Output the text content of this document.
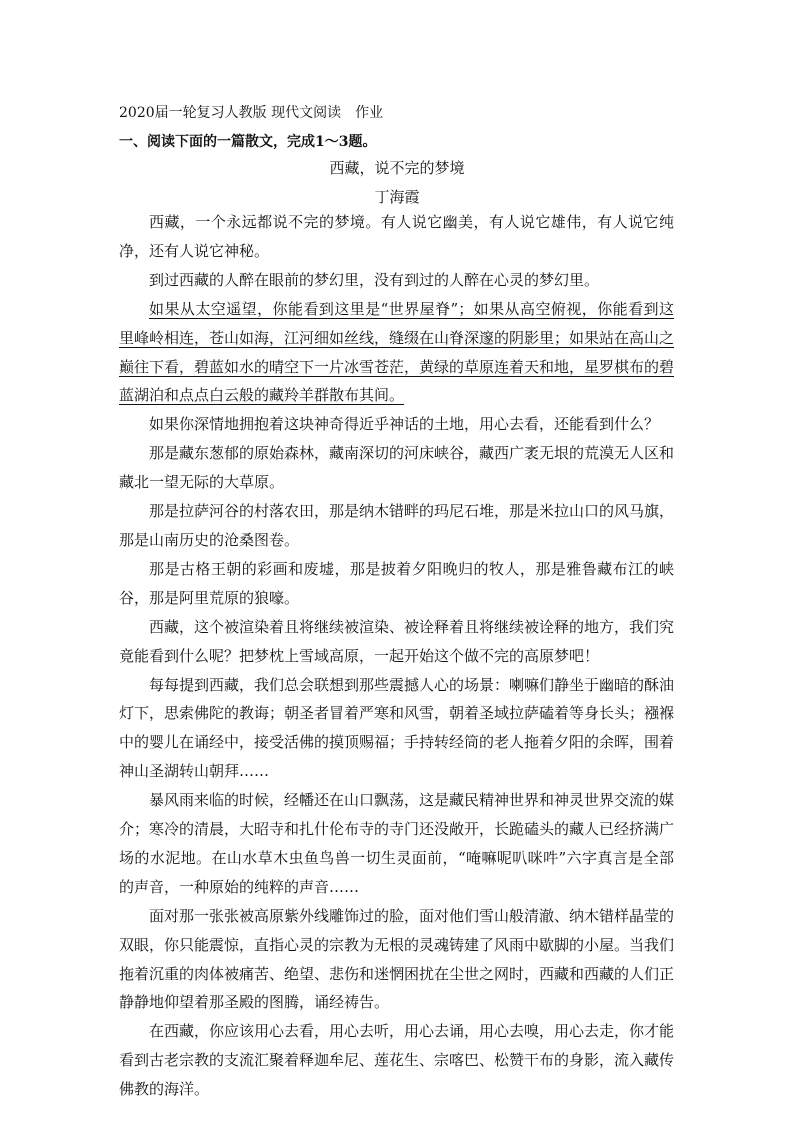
2020届一轮复习人教版 现代文阅读　作业
一、阅读下面的一篇散文，完成1～3题。
西藏，说不完的梦境
丁海霞

西藏，一个永远都说不完的梦境。有人说它幽美，有人说它雄伟，有人说它纯净，还有人说它神秘。

到过西藏的人醉在眼前的梦幻里，没有到过的人醉在心灵的梦幻里。

如果从太空遥望，你能看到这里是“世界屋脊”；如果从高空俯视，你能看到这里峰岭相连，苍山如海，江河细如丝线，缝缀在山脊深邃的阴影里；如果站在高山之巅往下看，碧蓝如水的晴空下一片冰雪苍茫，黄绿的草原连着天和地，星罗棋布的碧蓝湖泊和点点白云般的藏羚羊群散布其间。

如果你深情地拥抱着这块神奇得近乎神话的土地，用心去看，还能看到什么？

那是藏东葱郁的原始森林，藏南深切的河床峡谷，藏西广袤无垠的荒漠无人区和藏北一望无际的大草原。

那是拉萨河谷的村落农田，那是纳木错畔的玛尼石堆，那是米拉山口的风马旗，那是山南历史的沧桑图卷。

那是古格王朝的彩画和废墟，那是披着夕阳晚归的牧人，那是雅鲁藏布江的峡谷，那是阿里荒原的狼嚎。

西藏，这个被渲染着且将继续被渲染、被诠释着且将继续被诠释的地方，我们究竟能看到什么呢？把梦枕上雪域高原，一起开始这个做不完的高原梦吧！

每每提到西藏，我们总会联想到那些震撼人心的场景：喇嘛们静坐于幽暗的酥油灯下，思索佛陀的教诲；朝圣者冒着严寒和风雪，朝着圣域拉萨磕着等身长头；襁褓中的婴儿在诵经中，接受活佛的摸顶赐福；手持转经筒的老人拖着夕阳的余晖，围着神山圣湖转山朝拜……

暴风雨来临的时候，经幡还在山口飘荡，这是藏民精神世界和神灵世界交流的媒介；寒冷的清晨，大昭寺和扎什伦布寺的寺门还没敞开，长跪磕头的藏人已经挤满广场的水泥地。在山水草木虫鱼鸟兽一切生灵面前，“唵嘛呢叭咪吽”六字真言是全部的声音，一种原始的纯粹的声音……

面对那一张张被高原紫外线雕饰过的脸，面对他们雪山般清澈、纳木错样晶莹的双眼，你只能震惊，直指心灵的宗教为无根的灵魂铸建了风雨中歇脚的小屋。当我们拖着沉重的肉体被痛苦、绝望、悲伤和迷惘困扰在尘世之网时，西藏和西藏的人们正静静地仰望着那圣殿的图腾，诵经祷告。

在西藏，你应该用心去看，用心去听，用心去诵，用心去嗅，用心去走，你才能看到古老宗教的支流汇聚着释迦牟尼、莲花生、宗喀巴、松赞干布的身影，流入藏传佛教的海洋。
